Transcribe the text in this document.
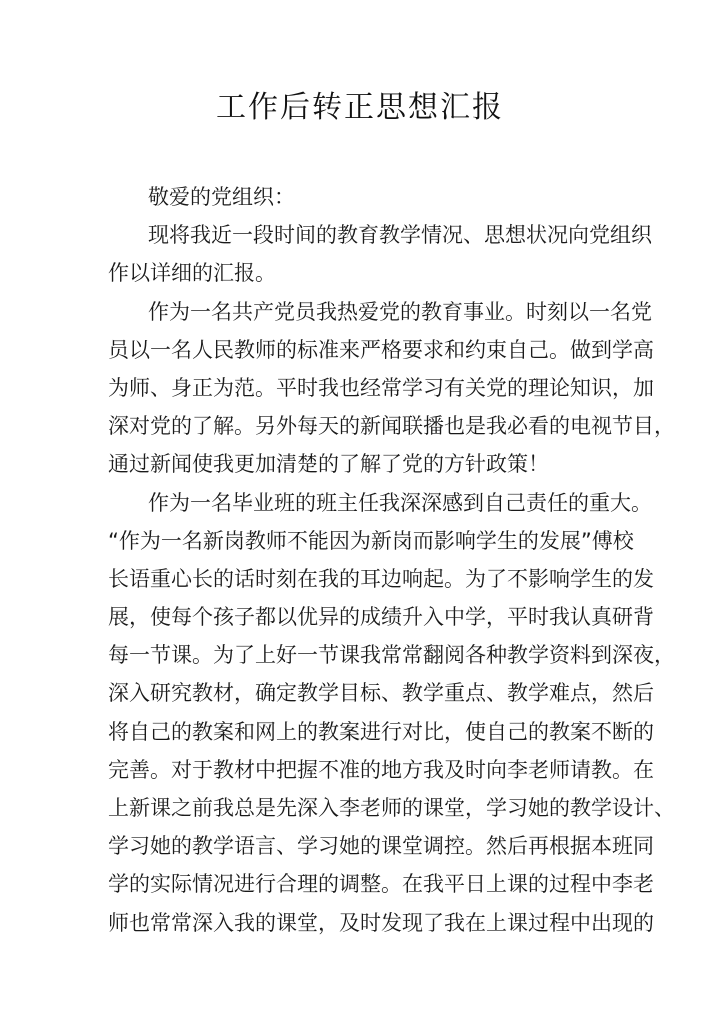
工作后转正思想汇报
敬爱的党组织：
现将我近一段时间的教育教学情况、思想状况向党组织
作以详细的汇报。
作为一名共产党员我热爱党的教育事业。时刻以一名党
员以一名人民教师的标准来严格要求和约束自己。做到学高
为师、身正为范。平时我也经常学习有关党的理论知识，加
深对党的了解。另外每天的新闻联播也是我必看的电视节目，
通过新闻使我更加清楚的了解了党的方针政策！
作为一名毕业班的班主任我深深感到自己责任的重大。
“作为一名新岗教师不能因为新岗而影响学生的发展”傅校
长语重心长的话时刻在我的耳边响起。为了不影响学生的发
展，使每个孩子都以优异的成绩升入中学，平时我认真研背
每一节课。为了上好一节课我常常翻阅各种教学资料到深夜，
深入研究教材，确定教学目标、教学重点、教学难点，然后
将自己的教案和网上的教案进行对比，使自己的教案不断的
完善。对于教材中把握不准的地方我及时向李老师请教。在
上新课之前我总是先深入李老师的课堂，学习她的教学设计、
学习她的教学语言、学习她的课堂调控。然后再根据本班同
学的实际情况进行合理的调整。在我平日上课的过程中李老
师也常常深入我的课堂，及时发现了我在上课过程中出现的
